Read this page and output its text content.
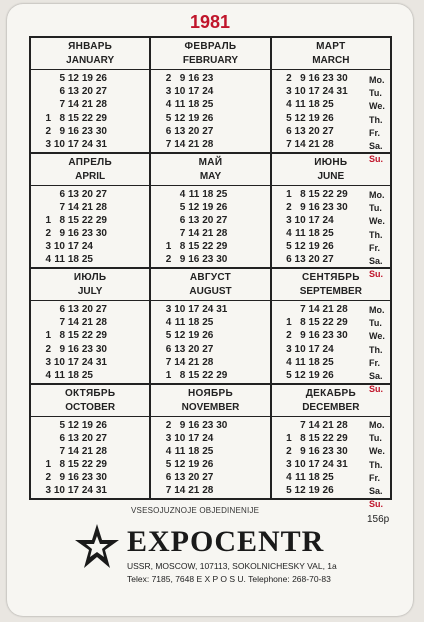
1981
ЯНВАРЬ
JANUARY
5 12 19 26
6 13 20 27
7 14 21 28
1 8 15 22 29
2 9 16 23 30
3 10 17 24 31
ФЕВРАЛЬ
FEBRUARY
2 9 16 23
3 10 17 24
4 11 18 25
5 12 19 26
6 13 20 27
7 14 21 28
МАРТ
MARCH
2 9 16 23 30
3 10 17 24 31
4 11 18 25
5 12 19 26
6 13 20 27
7 14 21 28
АПРЕЛЬ
APRIL
6 13 20 27
7 14 21 28
1 8 15 22 29
2 9 16 23 30
3 10 17 24
4 11 18 25
МАЙ
MAY
4 11 18 25
5 12 19 26
6 13 20 27
7 14 21 28
1 8 15 22 29
2 9 16 23 30
ИЮНЬ
JUNE
1 8 15 22 29
2 9 16 23 30
3 10 17 24
4 11 18 25
5 12 19 26
6 13 20 27
ИЮЛЬ
JULY
6 13 20 27
7 14 21 28
1 8 15 22 29
2 9 16 23 30
3 10 17 24 31
4 11 18 25
АВГУСТ
AUGUST
3 10 17 24 31
4 11 18 25
5 12 19 26
6 13 20 27
7 14 21 28
1 8 15 22 29
СЕНТЯБРЬ
SEPTEMBER
7 14 21 28
1 8 15 22 29
2 9 16 23 30
3 10 17 24
4 11 18 25
5 12 19 26
ОКТЯБРЬ
OCTOBER
5 12 19 26
6 13 20 27
7 14 21 28
1 8 15 22 29
2 9 16 23 30
3 10 17 24 31
НОЯБРЬ
NOVEMBER
2 9 16 23 30
3 10 17 24
4 11 18 25
5 12 19 26
6 13 20 27
7 14 21 28
ДЕКАБРЬ
DECEMBER
7 14 21 28
1 8 15 22 29
2 9 16 23 30
3 10 17 24 31
4 11 18 25
5 12 19 26
Mo.
Tu.
We.
Th.
Fr.
Sa.
Su.
Mo.
Tu.
We.
Th.
Fr.
Sa.
Su.
Mo.
Tu.
We.
Th.
Fr.
Sa.
Su.
Mo.
Tu.
We.
Th.
Fr.
Sa.
Su.
VSESOJUZNOJE OBJEDINENIJE
EXPOCENTR
USSR, MOSCOW, 107113, SOKOLNICHESKY VAL, 1a
Telex: 7185, 7648 E X P O S U. Telephone: 268-70-83
156р
